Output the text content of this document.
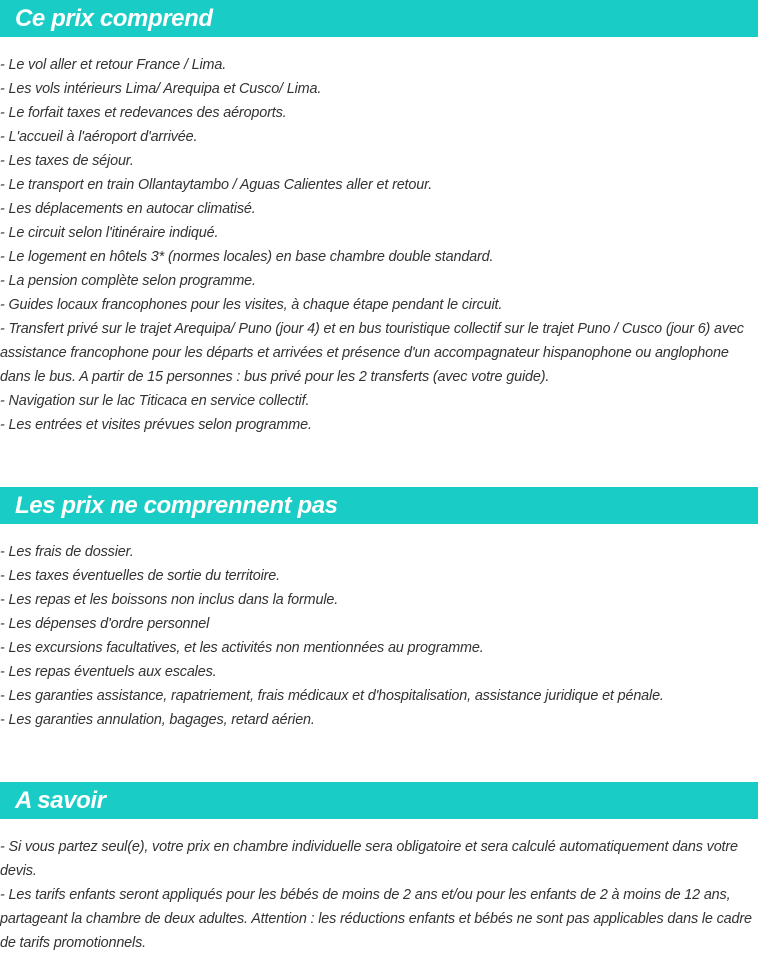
Ce prix comprend
- Le vol aller et retour France / Lima.
- Les vols intérieurs Lima/ Arequipa et Cusco/ Lima.
- Le forfait taxes et redevances des aéroports.
- L'accueil à l'aéroport d'arrivée.
- Les taxes de séjour.
- Le transport en train Ollantaytambo / Aguas Calientes aller et retour.
- Les déplacements en autocar climatisé.
- Le circuit selon l'itinéraire indiqué.
- Le logement en hôtels 3* (normes locales) en base chambre double standard.
- La pension complète selon programme.
- Guides locaux francophones pour les visites, à chaque étape pendant le circuit.
- Transfert privé sur le trajet Arequipa/ Puno (jour 4) et en bus touristique collectif sur le trajet Puno / Cusco (jour 6) avec assistance francophone pour les départs et arrivées et présence d'un accompagnateur hispanophone ou anglophone dans le bus. A partir de 15 personnes : bus privé pour les 2 transferts (avec votre guide).
- Navigation sur le lac Titicaca en service collectif.
- Les entrées et visites prévues selon programme.
Les prix ne comprennent pas
- Les frais de dossier.
- Les taxes éventuelles de sortie du territoire.
- Les repas et les boissons non inclus dans la formule.
- Les dépenses d'ordre personnel
- Les excursions facultatives, et les activités non mentionnées au programme.
- Les repas éventuels aux escales.
- Les garanties assistance, rapatriement, frais médicaux et d'hospitalisation, assistance juridique et pénale.
- Les garanties annulation, bagages, retard aérien.
A savoir
- Si vous partez seul(e), votre prix en chambre individuelle sera obligatoire et sera calculé automatiquement dans votre devis.
- Les tarifs enfants seront appliqués pour les bébés de moins de 2 ans et/ou pour les enfants de 2 à moins de 12 ans, partageant la chambre de deux adultes. Attention : les réductions enfants et bébés ne sont pas applicables dans le cadre de tarifs promotionnels.
